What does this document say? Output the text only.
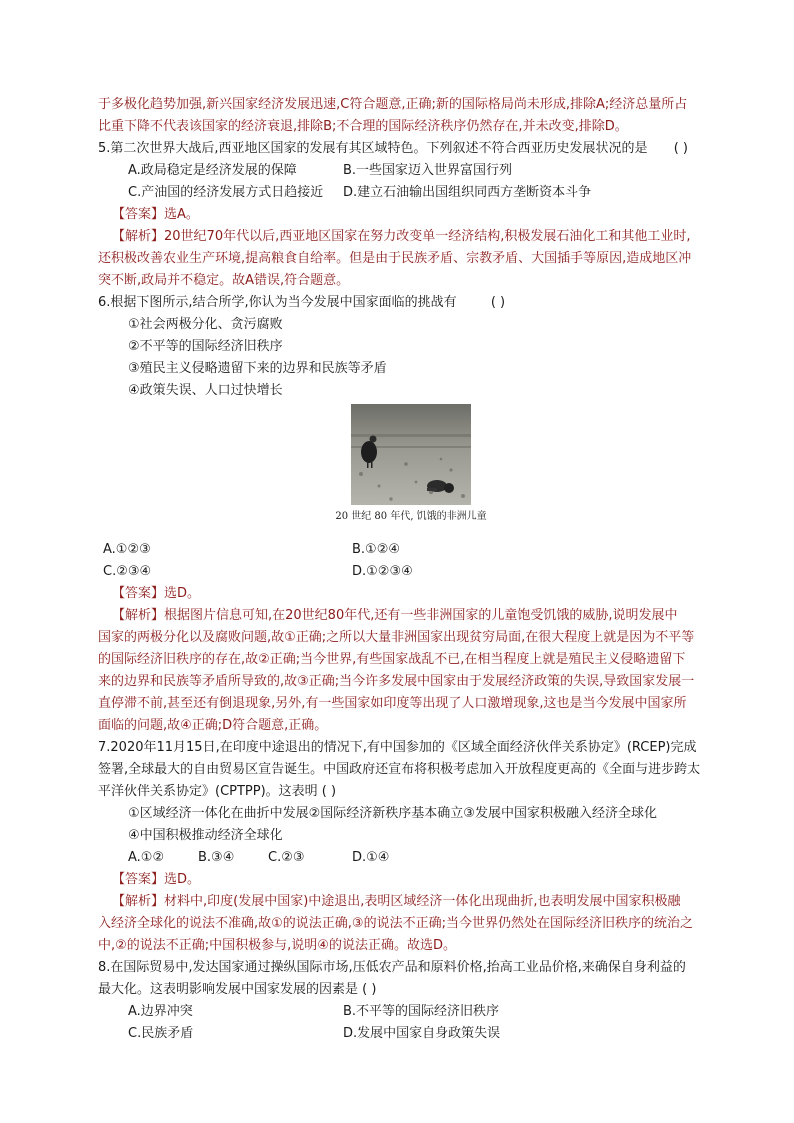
于多极化趋势加强,新兴国家经济发展迅速,C符合题意,正确;新的国际格局尚未形成,排除A;经济总量所占
比重下降不代表该国家的经济衰退,排除B;不合理的国际经济秩序仍然存在,并未改变,排除D。
5.第二次世界大战后,西亚地区国家的发展有其区域特色。下列叙述不符合西亚历史发展状况的是 ( )
A.政局稳定是经济发展的保障	B.一些国家迈入世界富国行列
C.产油国的经济发展方式日趋接近 D.建立石油输出国组织同西方垄断资本斗争
【答案】选A。
【解析】20世纪70年代以后,西亚地区国家在努力改变单一经济结构,积极发展石油化工和其他工业时,
还积极改善农业生产环境,提高粮食自给率。但是由于民族矛盾、宗教矛盾、大国插手等原因,造成地区冲
突不断,政局并不稳定。故A错误,符合题意。
6.根据下图所示,结合所学,你认为当今发展中国家面临的挑战有	( )
①社会两极分化、贪污腐败
②不平等的国际经济旧秩序
③殖民主义侵略遗留下来的边界和民族等矛盾
④政策失误、人口过快增长
20 世纪 80 年代, 饥饿的非洲儿童
A.①②③	B.①②④
C.②③④	D.①②③④
【答案】选D。
【解析】根据图片信息可知,在20世纪80年代,还有一些非洲国家的儿童饱受饥饿的威胁,说明发展中
国家的两极分化以及腐败问题,故①正确;之所以大量非洲国家出现贫穷局面,在很大程度上就是因为不平等
的国际经济旧秩序的存在,故②正确;当今世界,有些国家战乱不已,在相当程度上就是殖民主义侵略遗留下
来的边界和民族等矛盾所导致的,故③正确;当今许多发展中国家由于发展经济政策的失误,导致国家发展一
直停滞不前,甚至还有倒退现象,另外,有一些国家如印度等出现了人口激增现象,这也是当今发展中国家所
面临的问题,故④正确;D符合题意,正确。
7.2020年11月15日,在印度中途退出的情况下,有中国参加的《区域全面经济伙伴关系协定》(RCEP)完成
签署,全球最大的自由贸易区宣告诞生。中国政府还宣布将积极考虑加入开放程度更高的《全面与进步跨太
平洋伙伴关系协定》(CPTPP)。这表明 ( )
①区域经济一体化在曲折中发展②国际经济新秩序基本确立③发展中国家积极融入经济全球化
④中国积极推动经济全球化
A.①②	B.③④	C.②③	D.①④
【答案】选D。
【解析】材料中,印度(发展中国家)中途退出,表明区域经济一体化出现曲折,也表明发展中国家积极融
入经济全球化的说法不准确,故①的说法正确,③的说法不正确;当今世界仍然处在国际经济旧秩序的统治之
中,②的说法不正确;中国积极参与,说明④的说法正确。故选D。
8.在国际贸易中,发达国家通过操纵国际市场,压低农产品和原料价格,抬高工业品价格,来确保自身利益的
最大化。这表明影响发展中国家发展的因素是 ( )
A.边界冲突	B.不平等的国际经济旧秩序
C.民族矛盾	D.发展中国家自身政策失误
